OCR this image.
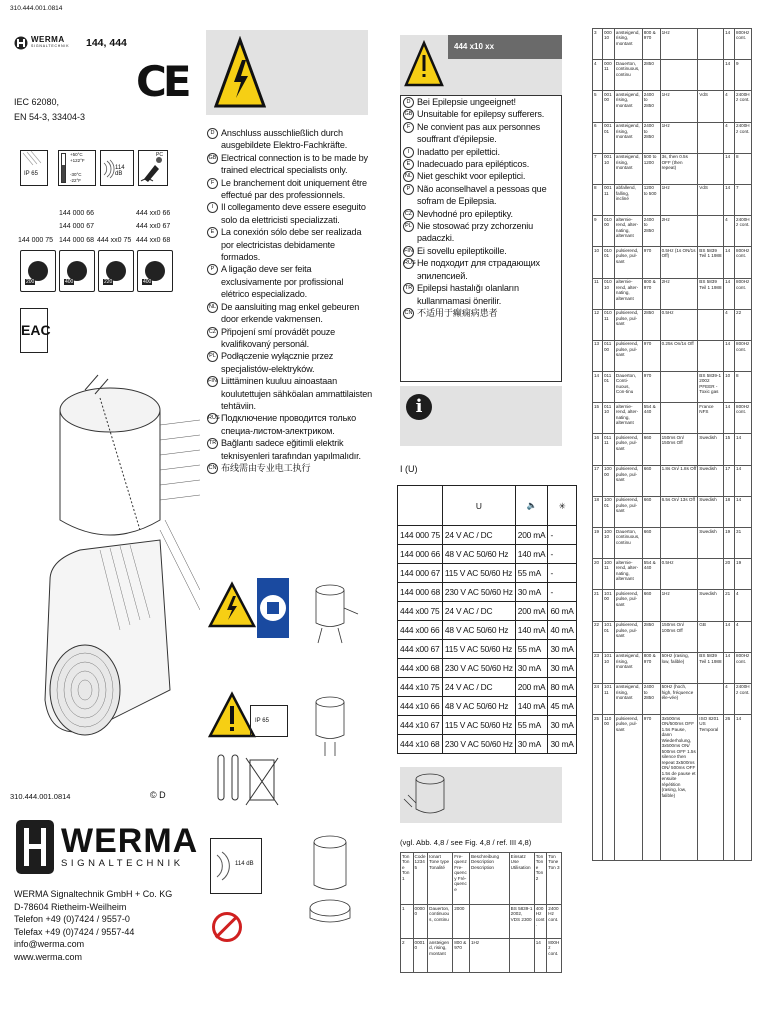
310.444.001.0814
WERMA
SIGNALTECHNIK 144, 444
CE
IEC 62080,
EN 54-3, 33404-3
IP 65
+50°C
+122°F
-30°C
-22°F
114 dB
PC
144 000 66	444 xx0 66
144 000 67	444 xx0 67
144 000 75 144 000 68 444 xx0 75 444 xx0 68
200	400	220	400
EAC
310.444.001.0814	© D
WERMA
SIGNALTECHNIK
WERMA Signaltechnik GmbH + Co. KG
D-78604 Rietheim-Weilheim
Telefon +49 (0)7424 / 9557-0
Telefax +49 (0)7424 / 9557-44
info@werma.com
www.werma.com
D Anschluss ausschließlich durch ausgebildete Elektro-Fachkräfte.
GB Electrical connection is to be made by trained electrical specialists only.
F Le branchement doit uniquement être effectué par des professionnels.
I Il collegamento deve essere eseguito solo da elettricisti specializzati.
E La conexión sólo debe ser realizada por electricistas debidamente formados.
P A ligação deve ser feita exclusivamente por profissional elétrico especializado.
NL De aansluiting mag enkel gebeuren door erkende vakmensen.
CZ Připojení smí provádět pouze kvalifikovaný personál.
PL Podłączenie wyłącznie przez specjalistów-elektryków.
FIN Liittäminen kuuluu ainoastaan koulutettujen sähköalan ammattilaisten tehtäviin.
RUS Подключение проводится только специа-листом-электриком.
TR Bağlantı sadece eğitimli elektrik teknisyenleri tarafından yapılmalıdır.
CN 布线需由专业电工执行
IP 65
114 dB
444 x10 xx
D Bei Epilepsie ungeeignet!
GB Unsuitable for epilepsy sufferers.
F Ne convient pas aux personnes souffrant d'épilepsie.
I Inadatto per epilettici.
E Inadecuado para epilépticos.
NL Niet geschikt voor epileptici.
P Não aconselhavel a pessoas que sofram de Epilepsia.
CZ Nevhodné pro epileptiky.
PL Nie stosować przy zchorzeniu padaczki.
FIN Ei sovellu epileptikoille.
RUS Не подходит для страдающих эпилепсией.
TR Epilepsi hastalığı olanların kullanmamasi önerilir.
CN 不适用于癫痫病患者
i
I (U)
	U	🔈	✳
144 000 75	24 V AC / DC	200 mA	-
144 000 66	48 V AC 50/60 Hz	140 mA	-
144 000 67	115 V AC 50/60 Hz	55 mA	-
144 000 68	230 V AC 50/60 Hz	30 mA	-
444 x00 75	24 V AC / DC	200 mA	60 mA
444 x00 66	48 V AC 50/60 Hz	140 mA	40 mA
444 x00 67	115 V AC 50/60 Hz	55 mA	30 mA
444 x00 68	230 V AC 50/60 Hz	30 mA	30 mA
444 x10 75	24 V AC / DC	200 mA	80 mA
444 x10 66	48 V AC 50/60 Hz	140 mA	45 mA
444 x10 67	115 V AC 50/60 Hz	55 mA	30 mA
444 x10 68	230 V AC 50/60 Hz	30 mA	30 mA
(vgl. Abb. 4,8 / see Fig. 4,8 / ref. III 4,8)
Ton Tone Ton 1	Code 12345	Ionart Tone type Tonalité	Fre- quenz Fre- quency Fré- quence	Beschreibung Description Description	Einsatz Use Utilisation	Ton Tone Ton 2	Ton Tone Ton 3
1	00000	Dauerton, continuous, continu	2000		BS 5839-1 2002, VDS 2300	400Hz cont.	2400Hz cont.
2	00010	ansteigend, rising, montant	800 & 970	1Hz		14	800Hz cont.
3	00010	ansteigend, rising, montant	800 & 970	1Hz		14	800Hz cont.
4	00011	Dauerton, continuous, continu	2850			14	9
5	00100	ansteigend, rising, montant	2400 to 2850	1Hz	VdS	4	2400Hz cont.
6	00101	ansteigend, rising, montant	2400 to 2850	1Hz		4	2400Hz cont.
7	00110	ansteigend, rising, montant	500 to 1200	3s, then 0.5s OFF (then repeat)		14	8
8	00111	abfallend, falling, incliné	1200 to 500	1Hz	VdS	14	7
9	01000	alternie-rend, alter-nating, alternant	2400 to 2850	2Hz		4	2400Hz cont.
10	01001	pulsierend, pulse, pul-sant	970	0.5Hz (1s ON/1s Off)	BS 5839 Teil 1 1988	14	800Hz cont.
11	01010	alternie-rend, alter-nating, alternant	800 & 970	2Hz	BS 5839 Teil 1 1988	14	800Hz cont.
12	01011	pulsierend, pulse, pul-sant	2850	0.5Hz		4	22
13	01100	pulsierend, pulse, pul-sant	970	0.25s On/1s Off		14	800Hz cont.
14	01101	Dauerton, Conti-nuous, Con-tinu	970		BS 5839-1 2002 PFEER - Toxic gas	10	8
15	01110	alternie-rend, alter-nating, alternant	554 & 440		France NFS	14	800Hz cont.
16	01111	pulsierend, pulse, pul-sant	660	150ms On/ 150ms Off	Swedish	15	14
17	10000	pulsierend, pulse, pul-sant	660	1.8s On/ 1.8s Off	Swedish	17	14
18	10001	pulsierend, pulse, pul-sant	660	6.5s On/ 13s Off	Swedish	18	14
19	10010	Dauerton, continuous, continu	660		Swedish	19	31
20	10011	alternie-rend, alter-nating, alternant	554 & 440	0.5Hz		20	19
21	10100	pulsierend, pulse, pul-sant	660	1Hz	Swedish	21	4
22	10101	pulsierend, pulse, pul-sant	2850	150ms On/ 100ms Off	GB	14	4
23	10110	ansteigend, rising, montant	800 & 970	50Hz (rasing, low, falible)	BS 5839 Teil 1 1988	14	800Hz cont.
24	10111	ansteigend, rising, montant	2400 to 2850	50Hz (hoch, high, fréquence éle-vée)		4	2400Hz cont.
25	11000	pulsierend, pulse, pul-sant	970	3x500ms ON/500ms OFF 1.5s Pause, dann Wiederholung, 3x500ms ON/ 500ms OFF 1.5s silence then repeat 3x500ms ON/ 500ms OFF 1.5s de pause et ensuite répétition (rasing, low, falible)	ISO 8201 US Temporal	26	14
